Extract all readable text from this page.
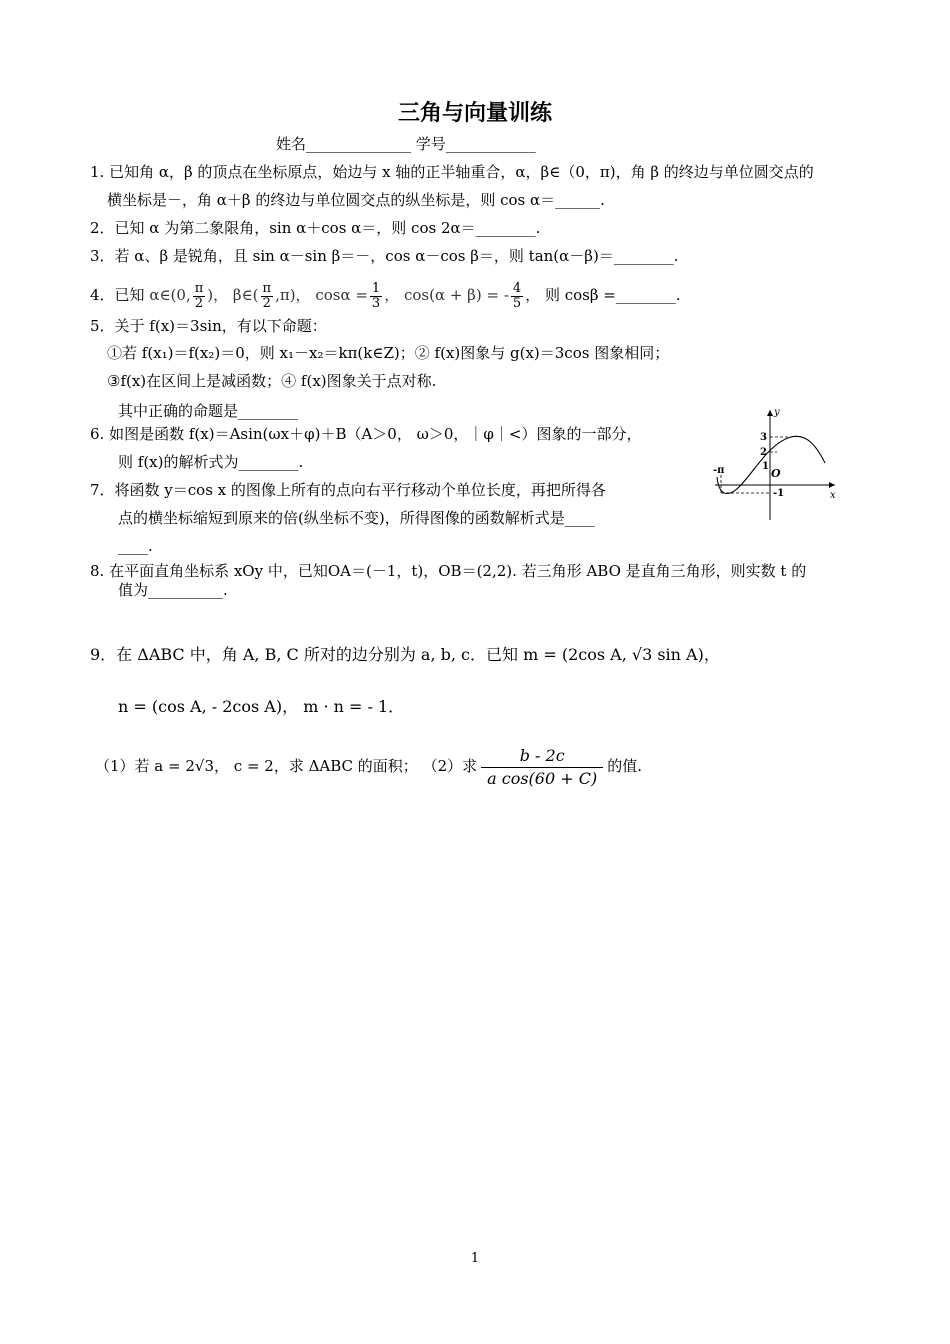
三角与向量训练
姓名______________ 学号____________
1. 已知角 α，β 的顶点在坐标原点，始边与 x 轴的正半轴重合，α，β∈（0，π)，角 β 的终边与单位圆交点的
横坐标是－，角 α＋β 的终边与单位圆交点的纵坐标是，则 cos α＝______.
2．已知 α 为第二象限角，sin α＋cos α＝，则 cos 2α＝________.
3．若 α、β 是锐角，且 sin α－sin β＝－，cos α－cos β＝，则 tan(α－β)＝________.
4．已知 α∈(0, $\frac{\pi}{2}$ )， β∈( $\frac{\pi}{2} ,\pi$)， $\cos\alpha = \frac{1}{3}$ ， cos(α + β) = - $\frac{4}{5}$ ， 则 cosβ =________.
5．关于 f(x)＝3sin，有以下命题：
①若 f(x₁)＝f(x₂)＝0，则 x₁－x₂＝kπ(k∈Z)；② f(x)图象与 g(x)＝3cos 图象相同；
③f(x)在区间上是减函数；④ f(x)图象关于点对称.
其中正确的命题是________
6. 如图是函数 f(x)＝Asin(ωx＋φ)＋B（A＞0， ω＞0，｜φ｜<）图象的一部分，
则 f(x)的解析式为________.
7．将函数 y＝cos x 的图像上所有的点向右平行移动个单位长度，再把所得各
点的横坐标缩短到原来的倍(纵坐标不变)，所得图像的函数解析式是____
____.
8. 在平面直角坐标系 xOy 中，已知OA＝(－1，t)，OB＝(2,2). 若三角形 ABO 是直角三角形，则实数 t 的
值为__________.
9．在 ΔABC 中，角 A, B, C 所对的边分别为 a, b, c．已知 m = (2cos A, √3 sin A)，
n = (cos A, - 2cos A)， m · n = - 1．
（1）若 a = 2√3， c = 2，求 ΔABC 的面积； （2）求 $\frac{b - 2c}{\text{a cos(60 + C)}}$ 的值.
y
x
O
3
2
1
-1
-π
1
